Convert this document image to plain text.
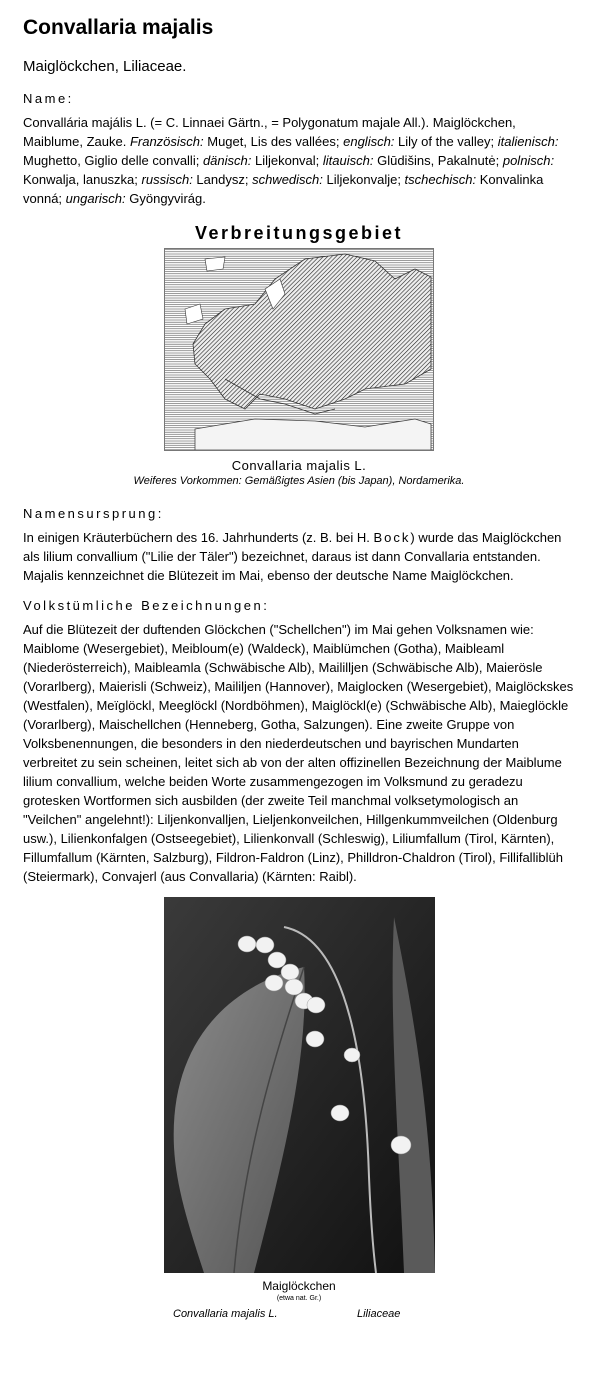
Convallaria majalis
Maiglöckchen, Liliaceae.
Name:
Convallária majális L. (= C. Linnaei Gärtn., = Polygonatum majale All.). Maiglöckchen, Maiblume, Zauke. Französisch: Muget, Lis des vallées; englisch: Lily of the valley; italienisch: Mughetto, Giglio delle convalli; dänisch: Liljekonval; litauisch: Glūdišins, Pakalnutė; polnisch: Konwalja, lanuszka; russisch: Landysz; schwedisch: Liljekonvalje; tschechisch: Konvalinka vonná; ungarisch: Gyöngyvirág.
Verbreitungsgebiet
Convallaria majalis L.
Weiferes Vorkommen: Gemäßigtes Asien (bis Japan), Nordamerika.
Namensursprung:
In einigen Kräuterbüchern des 16. Jahrhunderts (z. B. bei H. Bock) wurde das Maiglöckchen als lilium convallium ("Lilie der Täler") bezeichnet, daraus ist dann Convallaria entstanden. Majalis kennzeichnet die Blütezeit im Mai, ebenso der deutsche Name Maiglöckchen.
Volkstümliche Bezeichnungen:
Auf die Blütezeit der duftenden Glöckchen ("Schellchen") im Mai gehen Volksnamen wie: Maiblome (Wesergebiet), Meibloum(e) (Waldeck), Maiblümchen (Gotha), Maibleaml (Niederösterreich), Maibleamla (Schwäbische Alb), Maililljen (Schwäbische Alb), Maierösle (Vorarlberg), Maierisli (Schweiz), Maililjen (Hannover), Maiglocken (Wesergebiet), Maiglöckskes (Westfalen), Meïglöckl, Meeglöckl (Nordböhmen), Maiglöckl(e) (Schwäbische Alb), Maieglöckle (Vorarlberg), Maischellchen (Henneberg, Gotha, Salzungen). Eine zweite Gruppe von Volksbenennungen, die besonders in den niederdeutschen und bayrischen Mundarten verbreitet zu sein scheinen, leitet sich ab von der alten offizinellen Bezeichnung der Maiblume lilium convallium, welche beiden Worte zusammengezogen im Volksmund zu geradezu grotesken Wortformen sich ausbilden (der zweite Teil manchmal volksetymologisch an "Veilchen" angelehnt!): Liljenkonvalljen, Lieljenkonveilchen, Hillgenkummveilchen (Oldenburg usw.), Lilienkonfalgen (Ostseegebiet), Lilienkonvall (Schleswig), Liliumfallum (Tirol, Kärnten), Fillumfallum (Kärnten, Salzburg), Fildron-Faldron (Linz), Philldron-Chaldron (Tirol), Fillifalliblüh (Steiermark), Convajerl (aus Convallaria) (Kärnten: Raibl).
Maiglöckchen
(etwa nat. Gr.)
Convallaria majalis L.	Liliaceae
